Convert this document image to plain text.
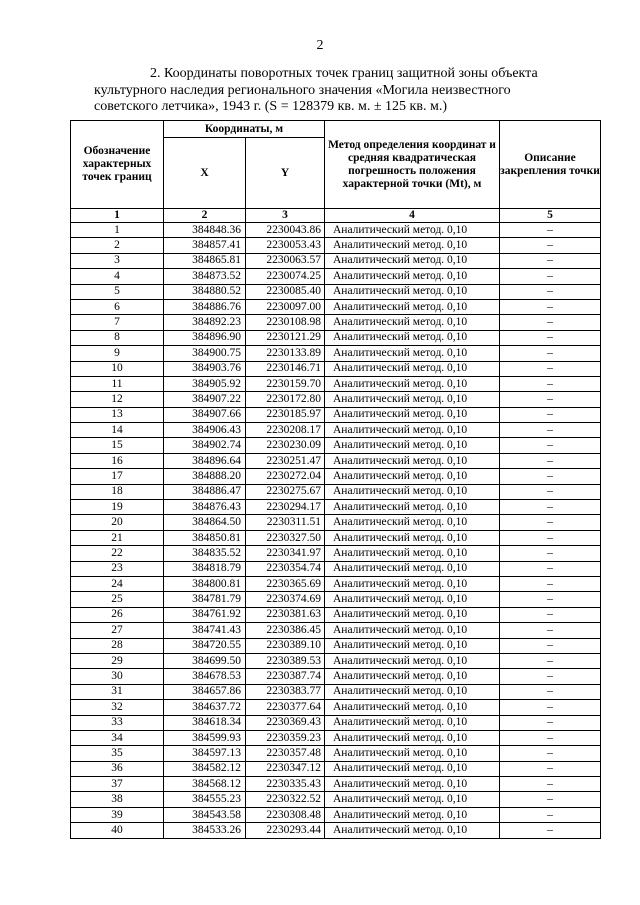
2
2. Координаты поворотных точек границ защитной зоны объекта
культурного наследия регионального значения «Могила неизвестного
советского летчика», 1943 г. (S = 128379 кв. м. ± 125 кв. м.)
Обозначение характерных точек границ	Координаты, м		Метод определения координат и средняя квадратическая погрешность положения характерной точки (Mt), м	Описание закрепления точки
	X	Y		
1	2	3	4	5
1	384848.36	2230043.86	Аналитический метод. 0,10	–
2	384857.41	2230053.43	Аналитический метод. 0,10	–
3	384865.81	2230063.57	Аналитический метод. 0,10	–
4	384873.52	2230074.25	Аналитический метод. 0,10	–
5	384880.52	2230085.40	Аналитический метод. 0,10	–
6	384886.76	2230097.00	Аналитический метод. 0,10	–
7	384892.23	2230108.98	Аналитический метод. 0,10	–
8	384896.90	2230121.29	Аналитический метод. 0,10	–
9	384900.75	2230133.89	Аналитический метод. 0,10	–
10	384903.76	2230146.71	Аналитический метод. 0,10	–
11	384905.92	2230159.70	Аналитический метод. 0,10	–
12	384907.22	2230172.80	Аналитический метод. 0,10	–
13	384907.66	2230185.97	Аналитический метод. 0,10	–
14	384906.43	2230208.17	Аналитический метод. 0,10	–
15	384902.74	2230230.09	Аналитический метод. 0,10	–
16	384896.64	2230251.47	Аналитический метод. 0,10	–
17	384888.20	2230272.04	Аналитический метод. 0,10	–
18	384886.47	2230275.67	Аналитический метод. 0,10	–
19	384876.43	2230294.17	Аналитический метод. 0,10	–
20	384864.50	2230311.51	Аналитический метод. 0,10	–
21	384850.81	2230327.50	Аналитический метод. 0,10	–
22	384835.52	2230341.97	Аналитический метод. 0,10	–
23	384818.79	2230354.74	Аналитический метод. 0,10	–
24	384800.81	2230365.69	Аналитический метод. 0,10	–
25	384781.79	2230374.69	Аналитический метод. 0,10	–
26	384761.92	2230381.63	Аналитический метод. 0,10	–
27	384741.43	2230386.45	Аналитический метод. 0,10	–
28	384720.55	2230389.10	Аналитический метод. 0,10	–
29	384699.50	2230389.53	Аналитический метод. 0,10	–
30	384678.53	2230387.74	Аналитический метод. 0,10	–
31	384657.86	2230383.77	Аналитический метод. 0,10	–
32	384637.72	2230377.64	Аналитический метод. 0,10	–
33	384618.34	2230369.43	Аналитический метод. 0,10	–
34	384599.93	2230359.23	Аналитический метод. 0,10	–
35	384597.13	2230357.48	Аналитический метод. 0,10	–
36	384582.12	2230347.12	Аналитический метод. 0,10	–
37	384568.12	2230335.43	Аналитический метод. 0,10	–
38	384555.23	2230322.52	Аналитический метод. 0,10	–
39	384543.58	2230308.48	Аналитический метод. 0,10	–
40	384533.26	2230293.44	Аналитический метод. 0,10	–
